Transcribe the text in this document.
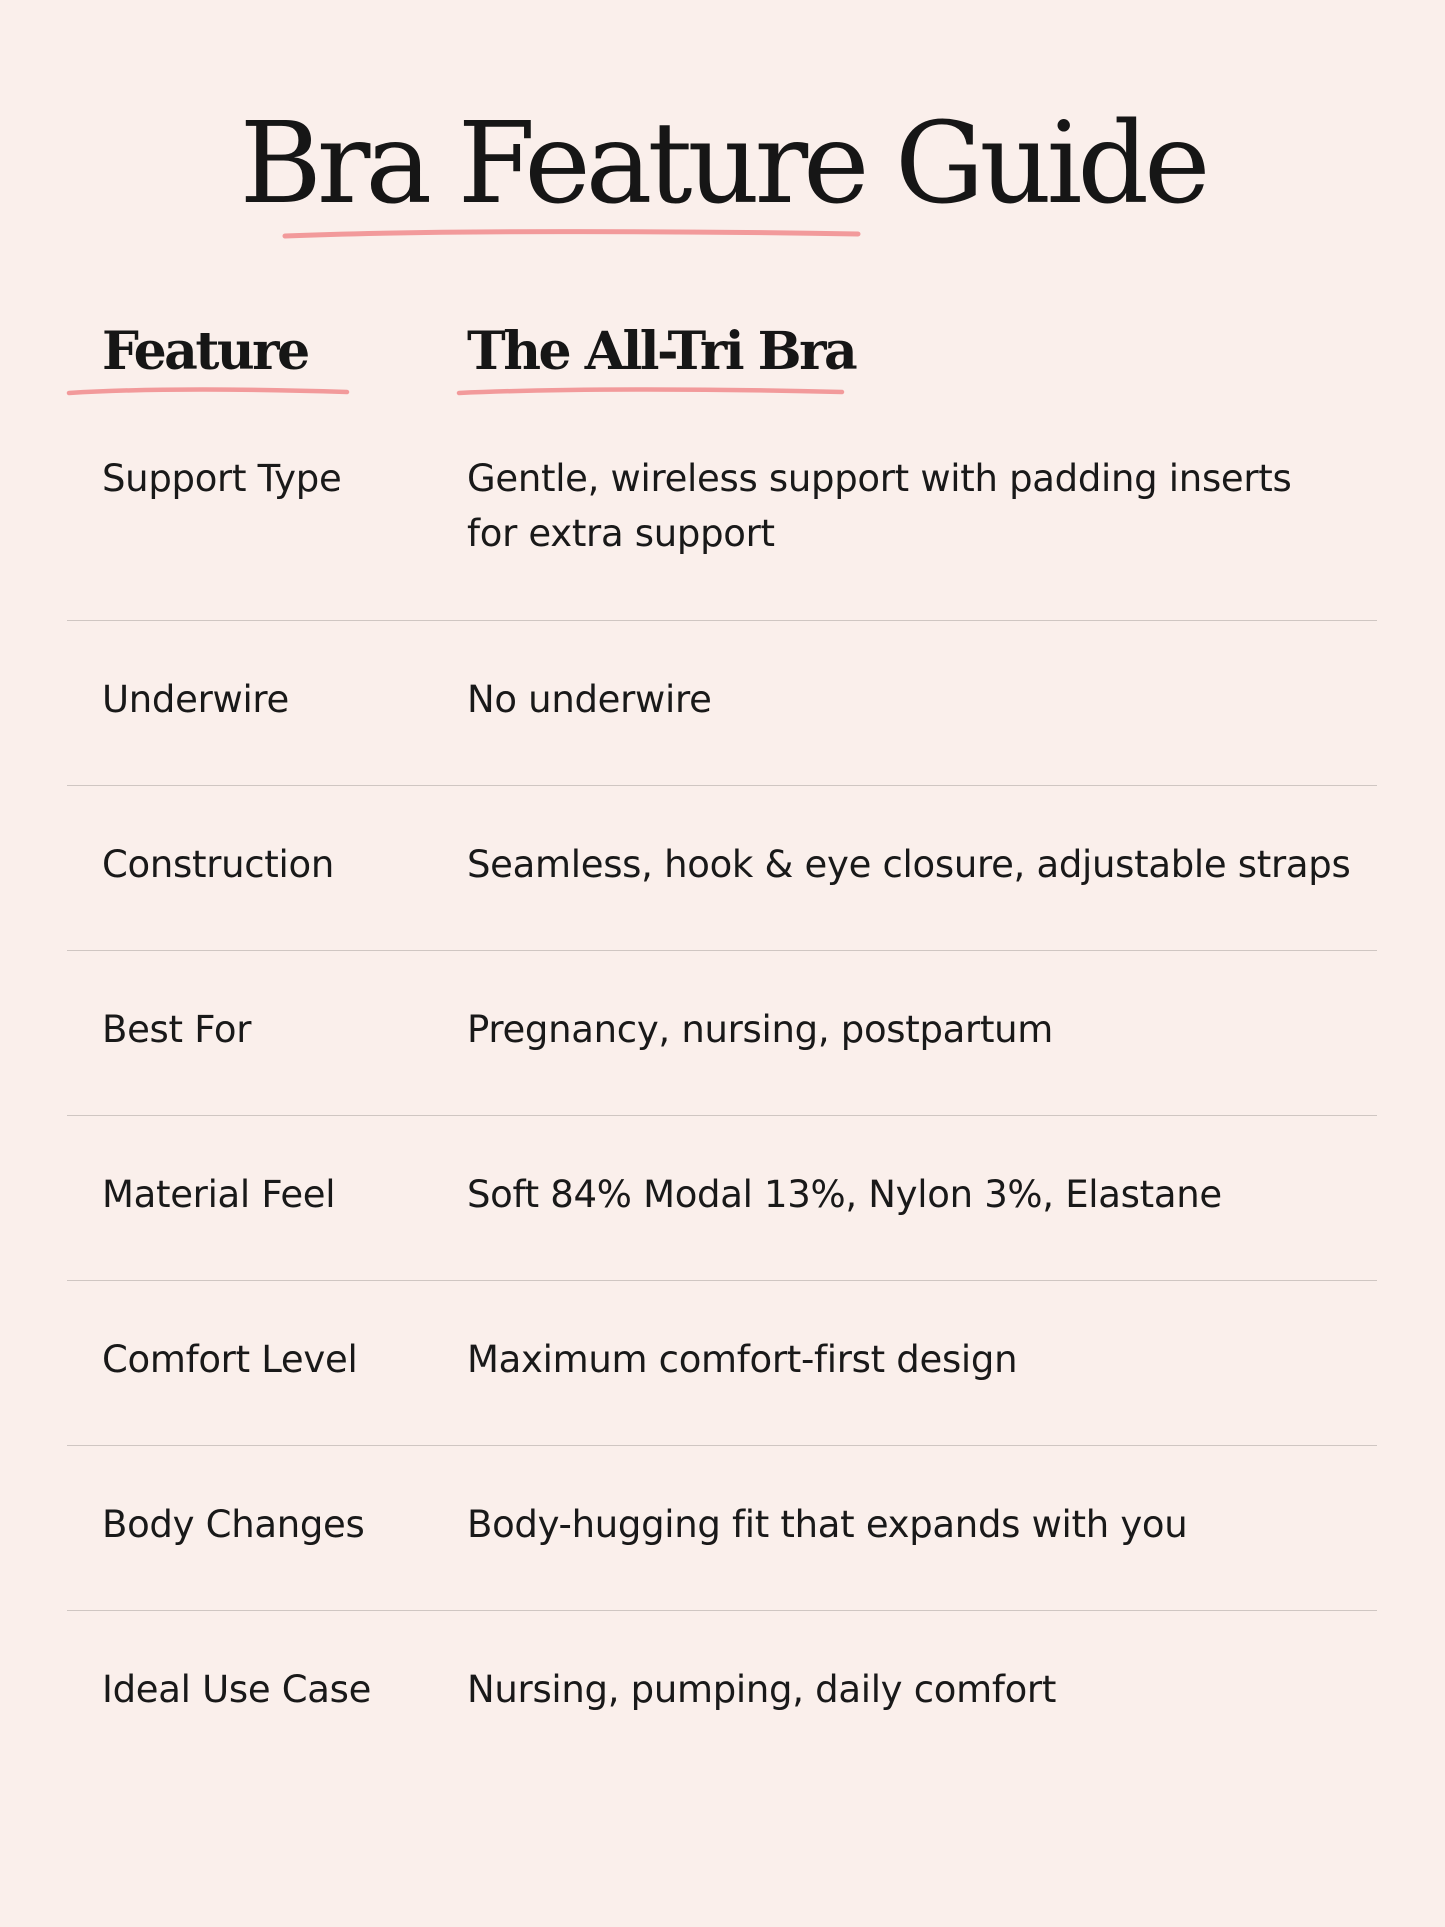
Bra Feature Guide
Feature	The All-Tri Bra
Support Type	Gentle, wireless support with padding inserts
for extra support
Underwire	No underwire
Construction	Seamless, hook & eye closure, adjustable straps
Best For	Pregnancy, nursing, postpartum
Material Feel	Soft 84% Modal 13%, Nylon 3%, Elastane
Comfort Level	Maximum comfort-first design
Body Changes	Body-hugging fit that expands with you
Ideal Use Case	Nursing, pumping, daily comfort
